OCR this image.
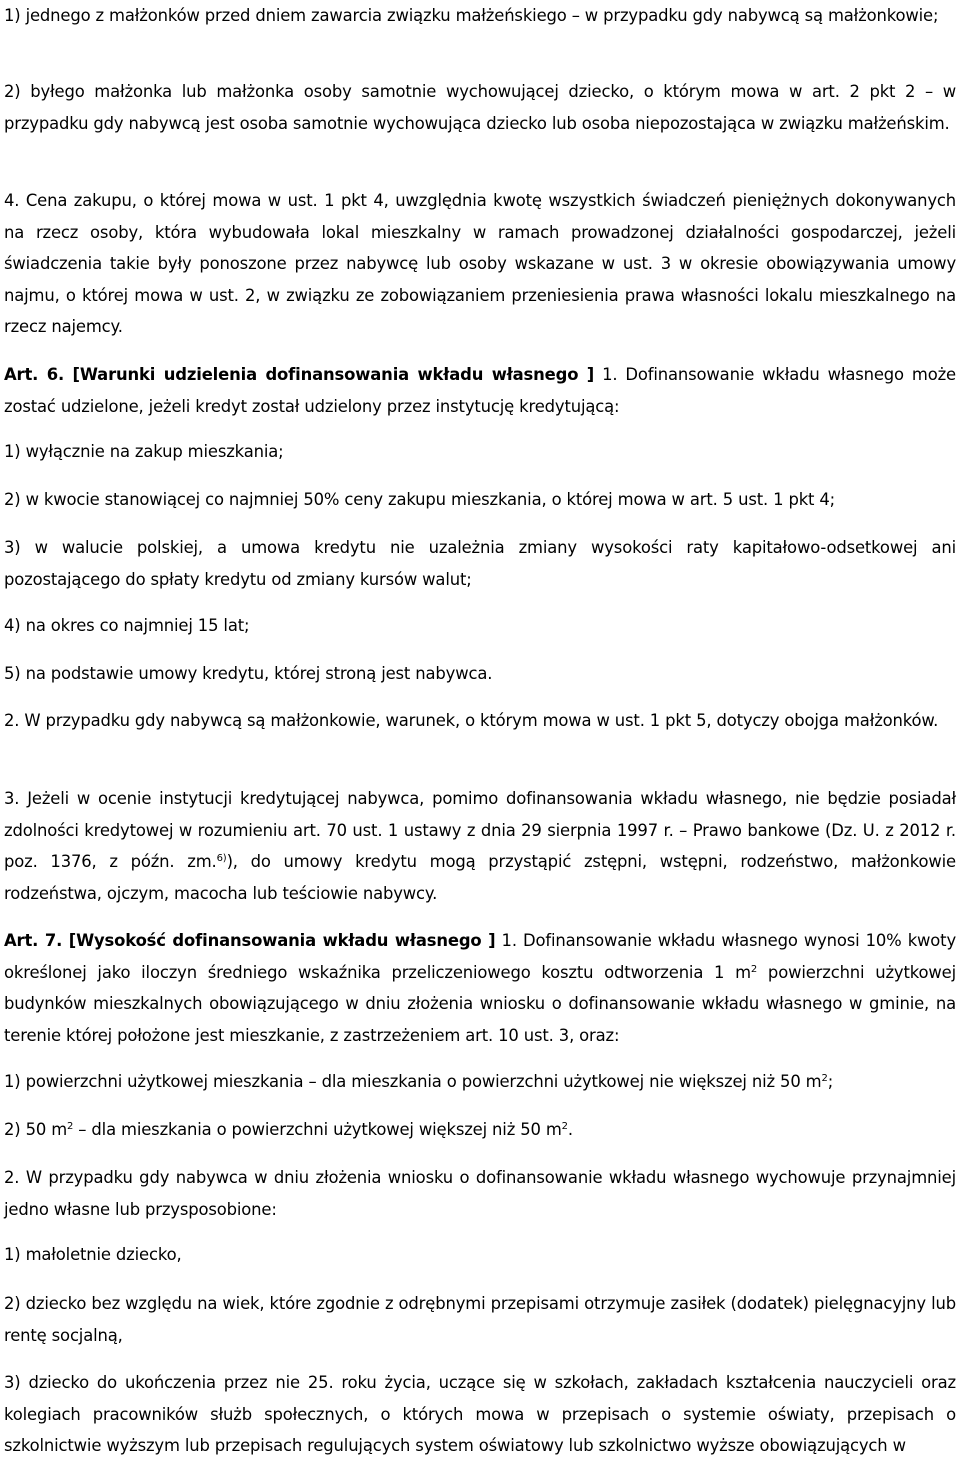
1) jednego z małżonków przed dniem zawarcia związku małżeńskiego – w przypadku gdy nabywcą są małżonkowie;

2) byłego małżonka lub małżonka osoby samotnie wychowującej dziecko, o którym mowa w art. 2 pkt 2 – w przypadku gdy nabywcą jest osoba samotnie wychowująca dziecko lub osoba niepozostająca w związku małżeńskim.

4. Cena zakupu, o której mowa w ust. 1 pkt 4, uwzględnia kwotę wszystkich świadczeń pieniężnych dokonywanych na rzecz osoby, która wybudowała lokal mieszkalny w ramach prowadzonej działalności gospodarczej, jeżeli świadczenia takie były ponoszone przez nabywcę lub osoby wskazane w ust. 3 w okresie obowiązywania umowy najmu, o której mowa w ust. 2, w związku ze zobowiązaniem przeniesienia prawa własności lokalu mieszkalnego na rzecz najemcy.

Art. 6. [Warunki udzielenia dofinansowania wkładu własnego ] 1. Dofinansowanie wkładu własnego może zostać udzielone, jeżeli kredyt został udzielony przez instytucję kredytującą:

1) wyłącznie na zakup mieszkania;

2) w kwocie stanowiącej co najmniej 50% ceny zakupu mieszkania, o której mowa w art. 5 ust. 1 pkt 4;

3) w walucie polskiej, a umowa kredytu nie uzależnia zmiany wysokości raty kapitałowo-odsetkowej ani pozostającego do spłaty kredytu od zmiany kursów walut;

4) na okres co najmniej 15 lat;

5) na podstawie umowy kredytu, której stroną jest nabywca.

2. W przypadku gdy nabywcą są małżonkowie, warunek, o którym mowa w ust. 1 pkt 5, dotyczy obojga małżonków.

3. Jeżeli w ocenie instytucji kredytującej nabywca, pomimo dofinansowania wkładu własnego, nie będzie posiadał zdolności kredytowej w rozumieniu art. 70 ust. 1 ustawy z dnia 29 sierpnia 1997 r. – Prawo bankowe (Dz. U. z 2012 r. poz. 1376, z późn. zm.$^{6)}$), do umowy kredytu mogą przystąpić zstępni, wstępni, rodzeństwo, małżonkowie rodzeństwa, ojczym, macocha lub teściowie nabywcy.

Art. 7. [Wysokość dofinansowania wkładu własnego ] 1. Dofinansowanie wkładu własnego wynosi 10% kwoty określonej jako iloczyn średniego wskaźnika przeliczeniowego kosztu odtworzenia 1 $m^2$ powierzchni użytkowej budynków mieszkalnych obowiązującego w dniu złożenia wniosku o dofinansowanie wkładu własnego w gminie, na terenie której położone jest mieszkanie, z zastrzeżeniem art. 10 ust. 3, oraz:

1) powierzchni użytkowej mieszkania – dla mieszkania o powierzchni użytkowej nie większej niż 50 $m^2$;

2) 50 $m^2$ – dla mieszkania o powierzchni użytkowej większej niż 50 $m^2$.

2. W przypadku gdy nabywca w dniu złożenia wniosku o dofinansowanie wkładu własnego wychowuje przynajmniej jedno własne lub przysposobione:

1) małoletnie dziecko,

2) dziecko bez względu na wiek, które zgodnie z odrębnymi przepisami otrzymuje zasiłek (dodatek) pielęgnacyjny lub rentę socjalną,

3) dziecko do ukończenia przez nie 25. roku życia, uczące się w szkołach, zakładach kształcenia nauczycieli oraz kolegiach pracowników służb społecznych, o których mowa w przepisach o systemie oświaty, przepisach o szkolnictwie wyższym lub przepisach regulujących system oświatowy lub szkolnictwo wyższe obowiązujących w
